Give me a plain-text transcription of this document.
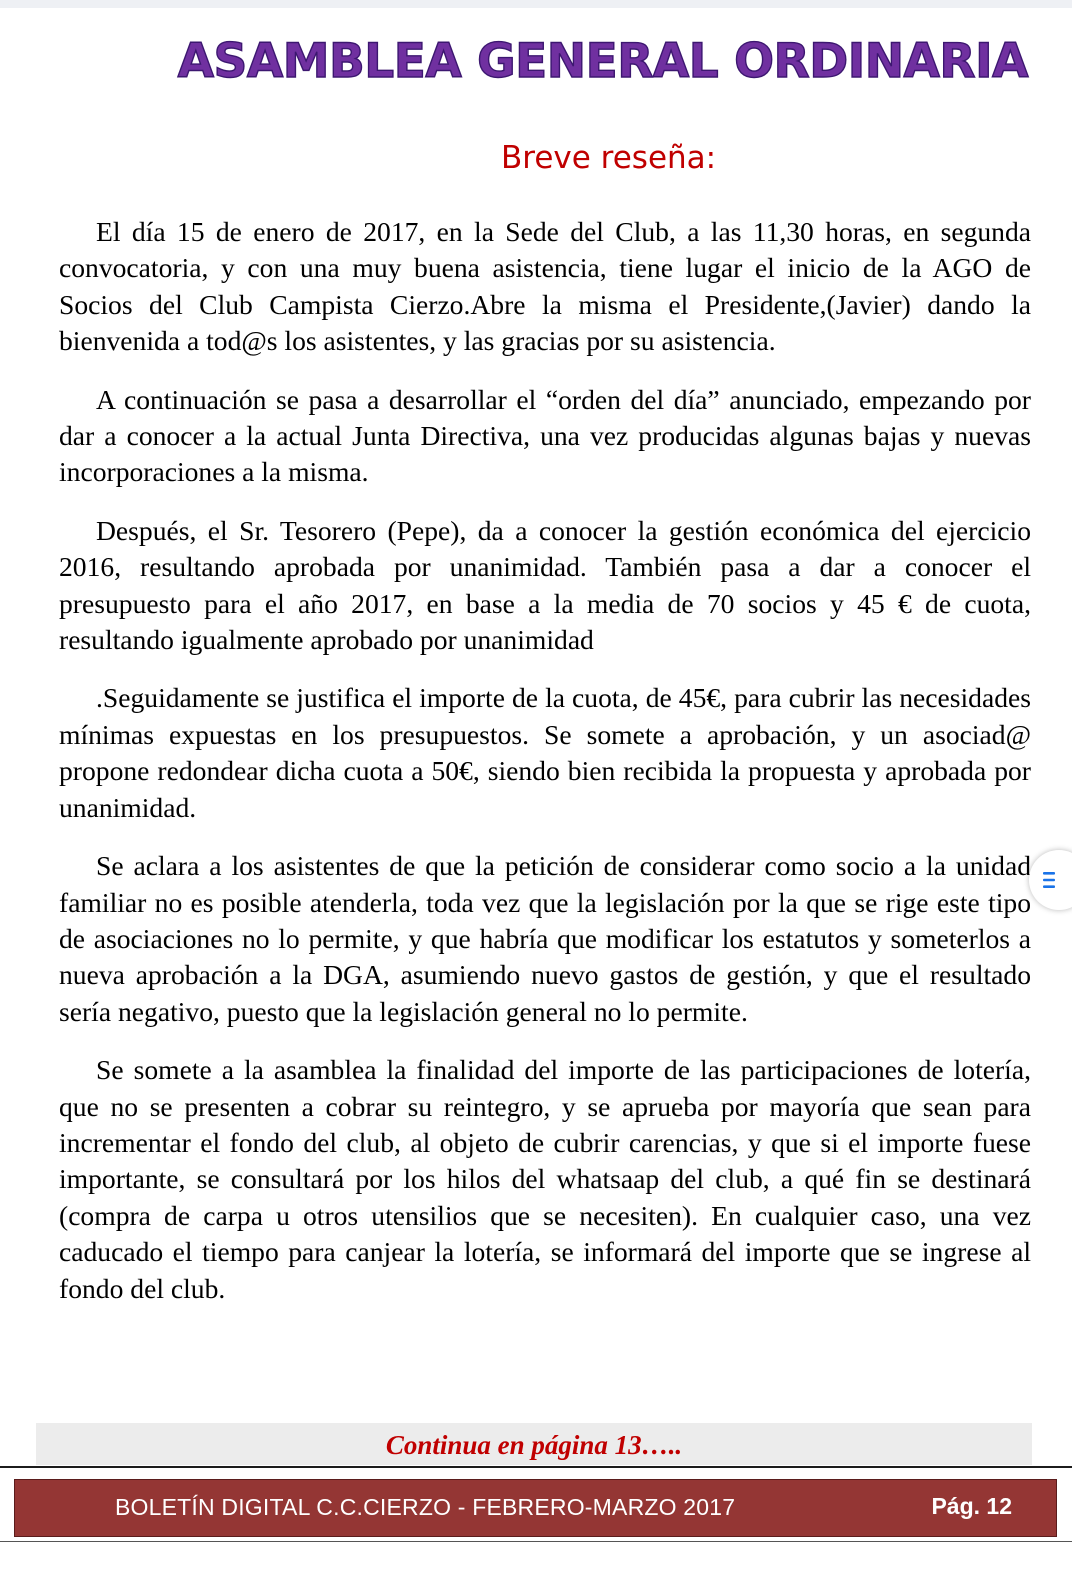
ASAMBLEA GENERAL ORDINARIA
Breve reseña:

El día 15 de enero de 2017, en la Sede del Club, a las 11,30 horas, en segunda convocatoria, y con una muy buena asistencia, tiene lugar el inicio de la AGO de Socios del Club Campista Cierzo.Abre la misma el Presidente,(Javier) dando la bienvenida a tod@s los asistentes, y las gracias por su asistencia.

A continuación se pasa a desarrollar el “orden del día” anunciado, empezando por dar a conocer a la actual Junta Directiva, una vez producidas algunas bajas y nuevas incorporaciones a la misma.

Después, el Sr. Tesorero (Pepe), da a conocer la gestión económica del ejercicio 2016, resultando aprobada por unanimidad. También pasa a dar a conocer el presupuesto para el año 2017, en base a la media de 70 socios y 45 € de cuota, resultando igualmente aprobado por unanimidad

.Seguidamente se justifica el importe de la cuota, de 45€, para cubrir las necesidades mínimas expuestas en los presupuestos. Se somete a aprobación, y un asociad@ propone redondear dicha cuota a 50€, siendo bien recibida la propuesta y aprobada por unanimidad.

Se aclara a los asistentes de que la petición de considerar como socio a la unidad familiar no es posible atenderla, toda vez que la legislación por la que se rige este tipo de asociaciones no lo permite, y que habría que modificar los estatutos y someterlos a nueva aprobación a la DGA, asumiendo nuevo gastos de gestión, y que el resultado sería negativo, puesto que la legislación general no lo permite.

Se somete a la asamblea la finalidad del importe de las participaciones de lotería, que no se presenten a cobrar su reintegro, y se aprueba por mayoría que sean para incrementar el fondo del club, al objeto de cubrir carencias, y que si el importe fuese importante, se consultará por los hilos del whatsaap del club, a qué fin se destinará (compra de carpa u otros utensilios que se necesiten). En cualquier caso, una vez caducado el tiempo para canjear la lotería, se informará del importe que se ingrese al fondo del club.

Continua en página 13…..
BOLETÍN DIGITAL C.C.CIERZO - FEBRERO-MARZO 2017	Pág. 12
